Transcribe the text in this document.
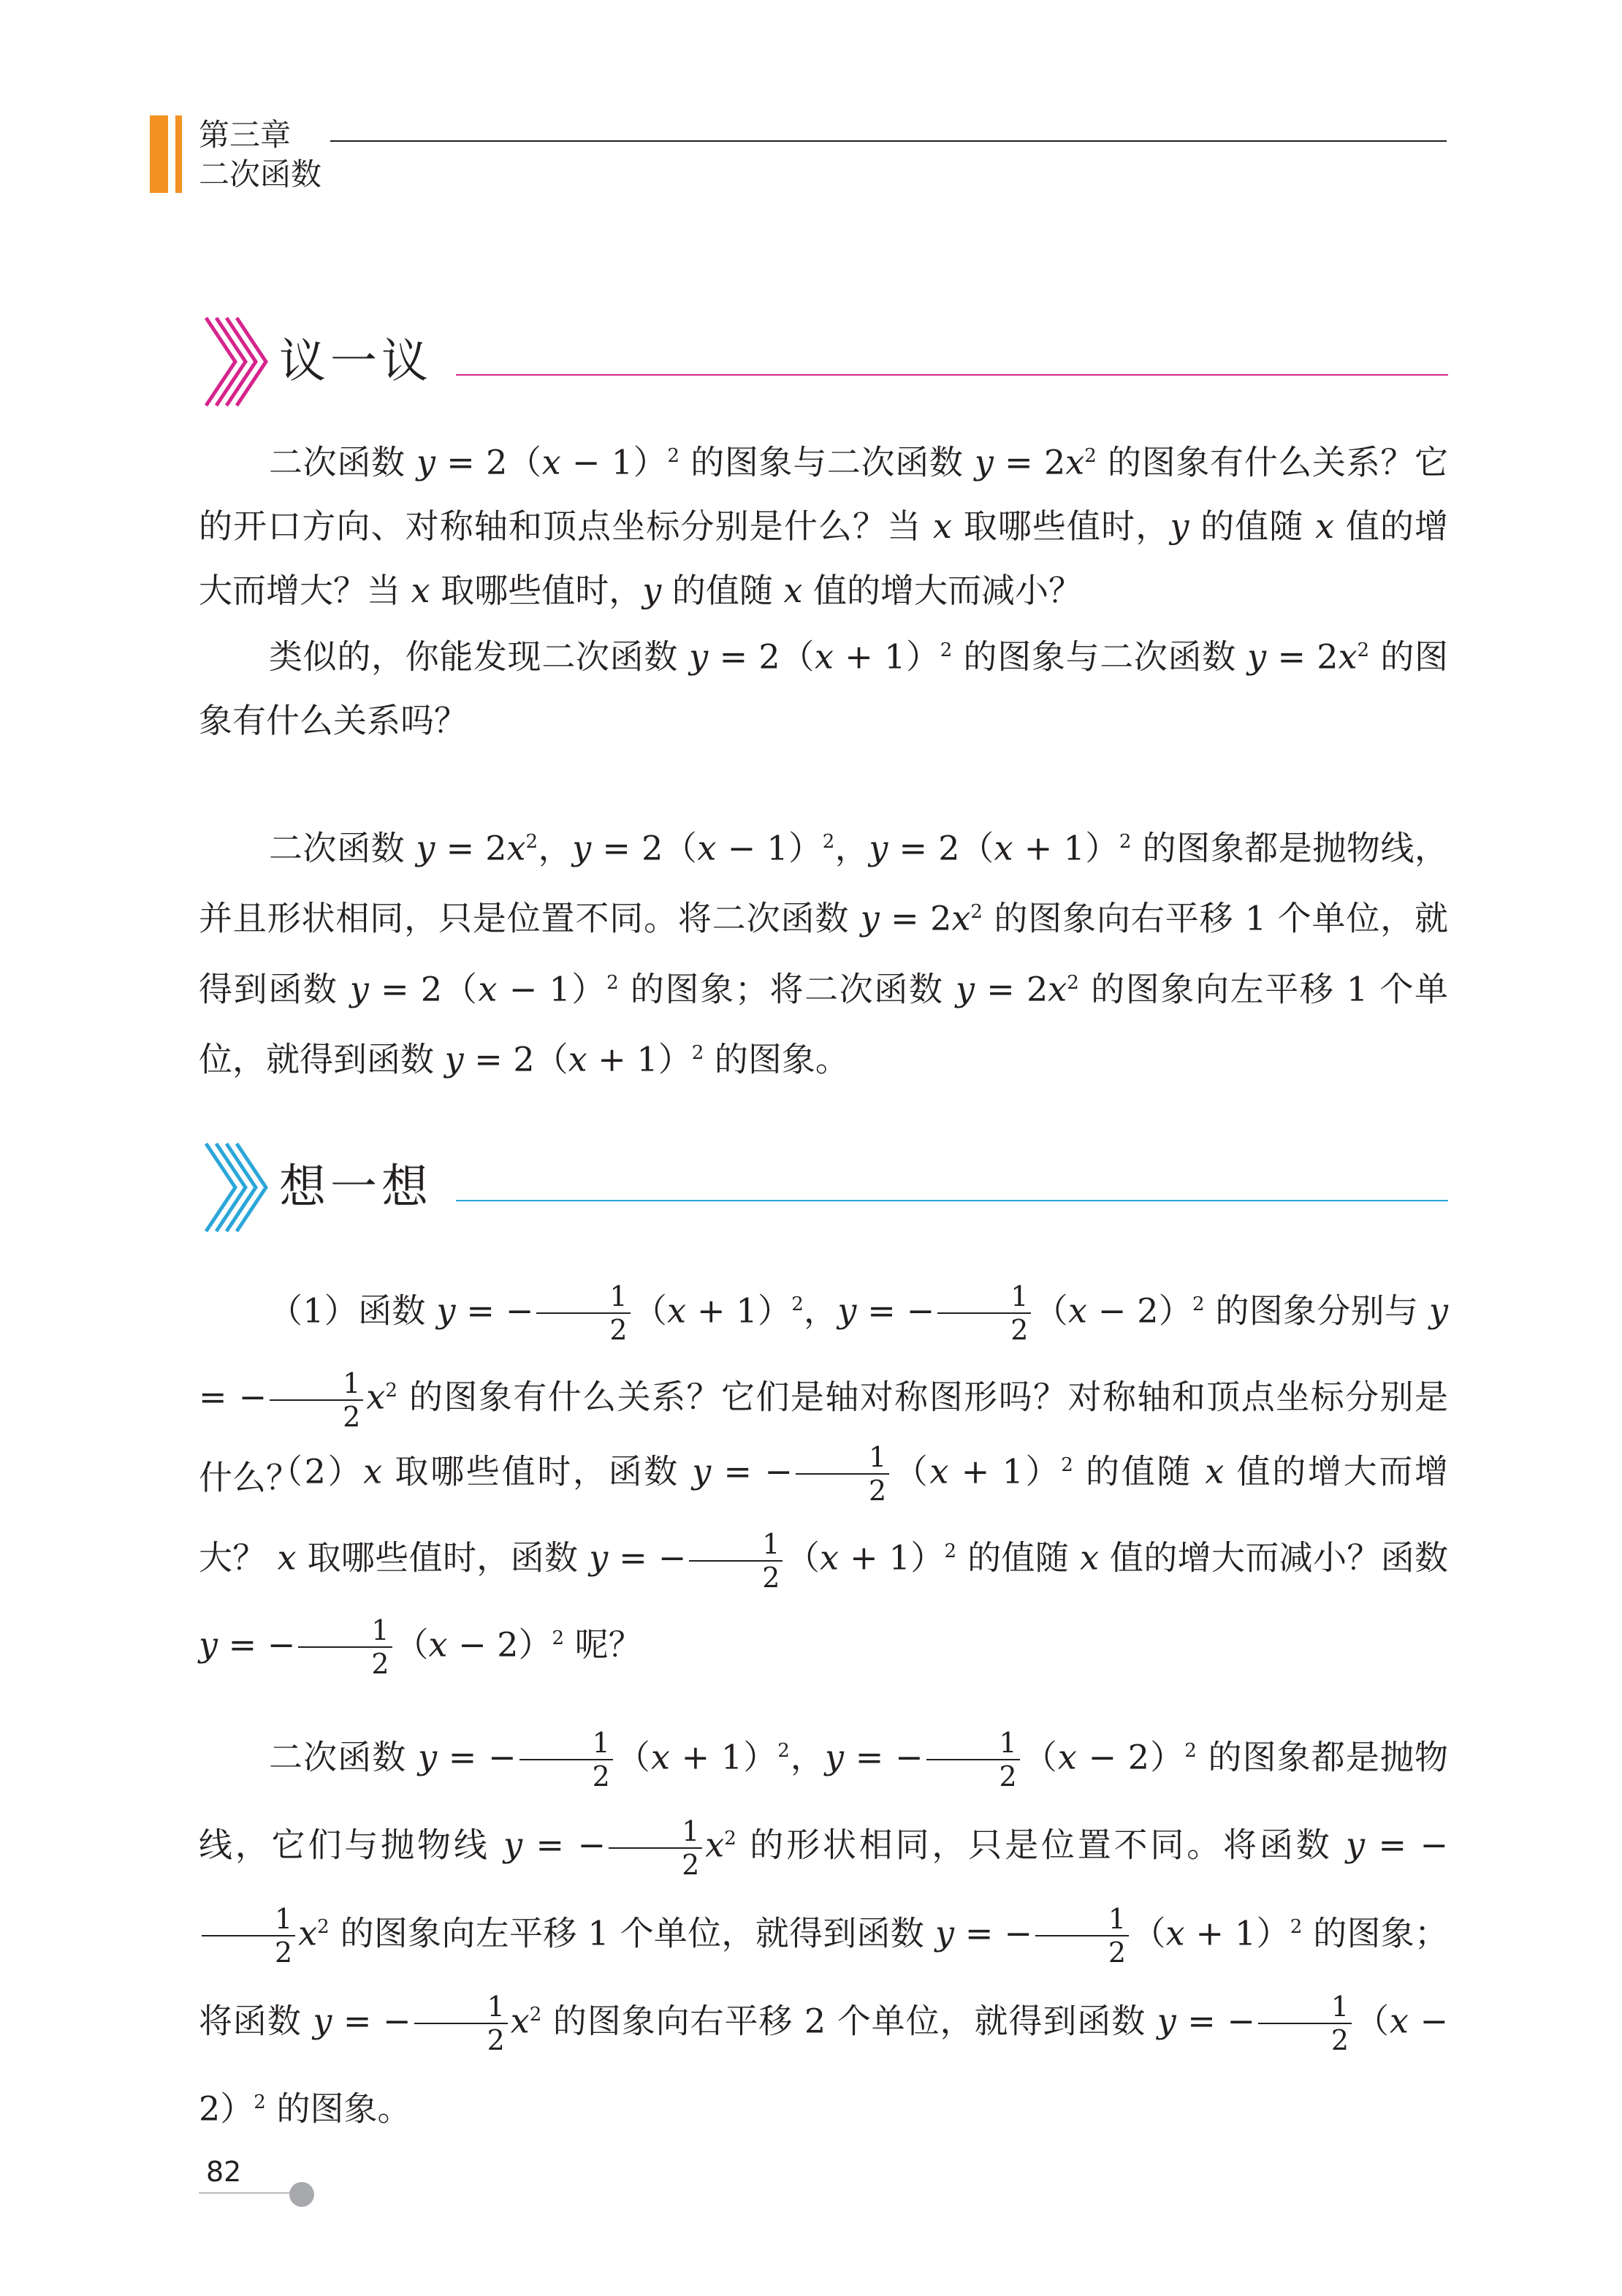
第三章
二次函数
议一议
二次函数 $y = 2(x - 1)^2$ 的图象与二次函数 $y = 2x^2$ 的图象有什么关系？它的开口方向、对称轴和顶点坐标分别是什么？当 x 取哪些值时，y 的值随 x 值的增大而增大？当 x 取哪些值时，y 的值随 x 值的增大而减小？
类似的，你能发现二次函数 $y = 2(x + 1)^2$ 的图象与二次函数 $y = 2x^2$ 的图象有什么关系吗？
二次函数 $y = 2x^2$，$y = 2(x - 1)^2$，$y = 2(x + 1)^2$ 的图象都是抛物线，并且形状相同，只是位置不同。将二次函数 $y = 2x^2$ 的图象向右平移 1 个单位，就得到函数 $y = 2(x - 1)^2$ 的图象；将二次函数 $y = 2x^2$ 的图象向左平移 1 个单位，就得到函数 $y = 2(x + 1)^2$ 的图象。
想一想
（1）函数 y = − $\frac{1}{2} (x + 1)^2$，y = − $\frac{1}{2} (x - 2)^2$ 的图象分别与 y = − $\frac{1}{2} x^2$ 的图象有什么关系？它们是轴对称图形吗？对称轴和顶点坐标分别是什么？
（2）x 取哪些值时，函数 y = − $\frac{1}{2} (x + 1)^2$ 的值随 x 值的增大而增大？ x 取哪些值时，函数 y = − $\frac{1}{2} (x + 1)^2$ 的值随 x 值的增大而减小？函数 y = − $\frac{1}{2} (x - 2)^2$ 呢？
二次函数 y = − $\frac{1}{2} (x + 1)^2$，y = − $\frac{1}{2} (x - 2)^2$ 的图象都是抛物线，它们与抛物线 y = − $\frac{1}{2} x^2$ 的形状相同，只是位置不同。将函数 y = −
$\frac{1}{2} x^2$ 的图象向左平移 1 个单位，就得到函数 y = − $\frac{1}{2} (x + 1)^2$ 的图象；将函数 y = − $\frac{1}{2} x^2$ 的图象向右平移 2 个单位，就得到函数 y = − $\frac{1}{2} (x - 2)^2$ 的图象。
82
